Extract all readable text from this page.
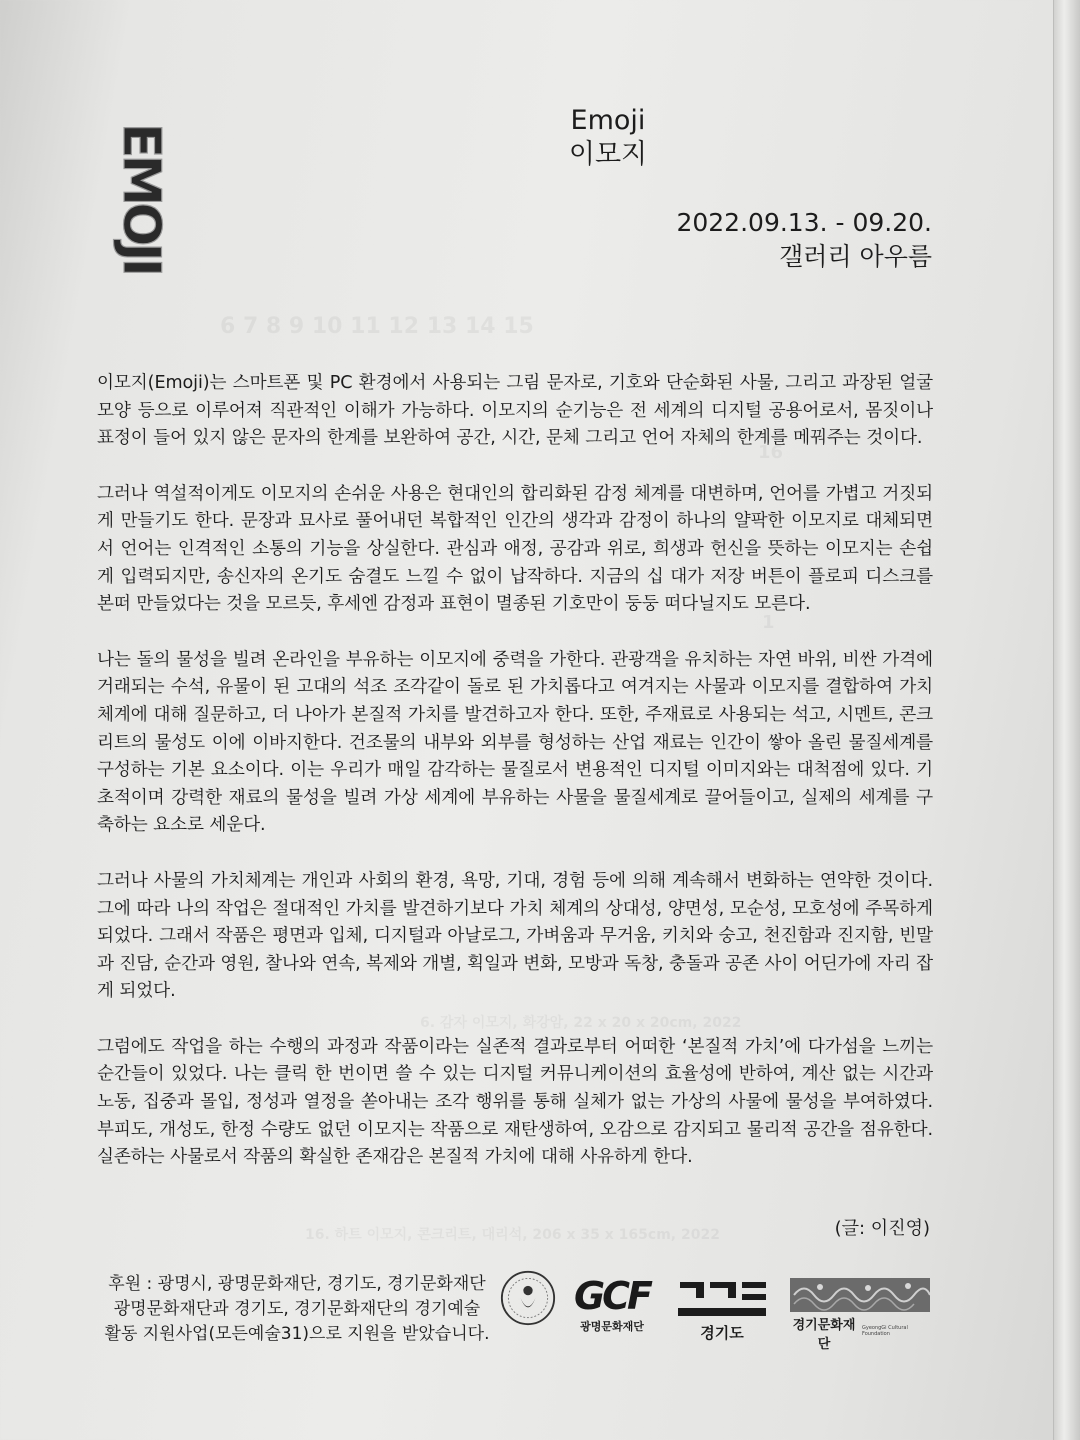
6 7 8 9 10 11 12 13 14 15
16
1
6. 감자 이모지, 화강암, 22 x 20 x 20cm, 2022
16. 하트 이모지, 콘크리트, 대리석, 206 x 35 x 165cm, 2022
EMOJI
Emoji
이모지
2022.09.13. - 09.20.
갤러리 아우름

이모지(Emoji)는 스마트폰 및 PC 환경에서 사용되는 그림 문자로, 기호와 단순화된 사물, 그리고 과장된 얼굴 모양 등으로 이루어져 직관적인 이해가 가능하다. 이모지의 순기능은 전 세계의 디지털 공용어로서, 몸짓이나 표정이 들어 있지 않은 문자의 한계를 보완하여 공간, 시간, 문체 그리고 언어 자체의 한계를 메꿔주는 것이다.

그러나 역설적이게도 이모지의 손쉬운 사용은 현대인의 합리화된 감정 체계를 대변하며, 언어를 가볍고 거짓되게 만들기도 한다. 문장과 묘사로 풀어내던 복합적인 인간의 생각과 감정이 하나의 얄팍한 이모지로 대체되면서 언어는 인격적인 소통의 기능을 상실한다. 관심과 애정, 공감과 위로, 희생과 헌신을 뜻하는 이모지는 손쉽게 입력되지만, 송신자의 온기도 숨결도 느낄 수 없이 납작하다. 지금의 십 대가 저장 버튼이 플로피 디스크를 본떠 만들었다는 것을 모르듯, 후세엔 감정과 표현이 멸종된 기호만이 둥둥 떠다닐지도 모른다.

나는 돌의 물성을 빌려 온라인을 부유하는 이모지에 중력을 가한다. 관광객을 유치하는 자연 바위, 비싼 가격에 거래되는 수석, 유물이 된 고대의 석조 조각같이 돌로 된 가치롭다고 여겨지는 사물과 이모지를 결합하여 가치체계에 대해 질문하고, 더 나아가 본질적 가치를 발견하고자 한다. 또한, 주재료로 사용되는 석고, 시멘트, 콘크리트의 물성도 이에 이바지한다. 건조물의 내부와 외부를 형성하는 산업 재료는 인간이 쌓아 올린 물질세계를 구성하는 기본 요소이다. 이는 우리가 매일 감각하는 물질로서 변용적인 디지털 이미지와는 대척점에 있다. 기초적이며 강력한 재료의 물성을 빌려 가상 세계에 부유하는 사물을 물질세계로 끌어들이고, 실제의 세계를 구축하는 요소로 세운다.

그러나 사물의 가치체계는 개인과 사회의 환경, 욕망, 기대, 경험 등에 의해 계속해서 변화하는 연약한 것이다. 그에 따라 나의 작업은 절대적인 가치를 발견하기보다 가치 체계의 상대성, 양면성, 모순성, 모호성에 주목하게 되었다. 그래서 작품은 평면과 입체, 디지털과 아날로그, 가벼움과 무거움, 키치와 숭고, 천진함과 진지함, 빈말과 진담, 순간과 영원, 찰나와 연속, 복제와 개별, 획일과 변화, 모방과 독창, 충돌과 공존 사이 어딘가에 자리 잡게 되었다.

그럼에도 작업을 하는 수행의 과정과 작품이라는 실존적 결과로부터 어떠한 ‘본질적 가치’에 다가섬을 느끼는 순간들이 있었다. 나는 클릭 한 번이면 쓸 수 있는 디지털 커뮤니케이션의 효율성에 반하여, 계산 없는 시간과 노동, 집중과 몰입, 정성과 열정을 쏟아내는 조각 행위를 통해 실체가 없는 가상의 사물에 물성을 부여하였다. 부피도, 개성도, 한정 수량도 없던 이모지는 작품으로 재탄생하여, 오감으로 감지되고 물리적 공간을 점유한다. 실존하는 사물로서 작품의 확실한 존재감은 본질적 가치에 대해 사유하게 한다.

(글: 이진영)
후원 : 광명시, 광명문화재단, 경기도, 경기문화재단
광명문화재단과 경기도, 경기문화재단의 경기예술
활동 지원사업(모든예술31)으로 지원을 받았습니다.
GCF
광명문화재단	경기도	경기문화재단
GyeongGi Cultural Foundation
